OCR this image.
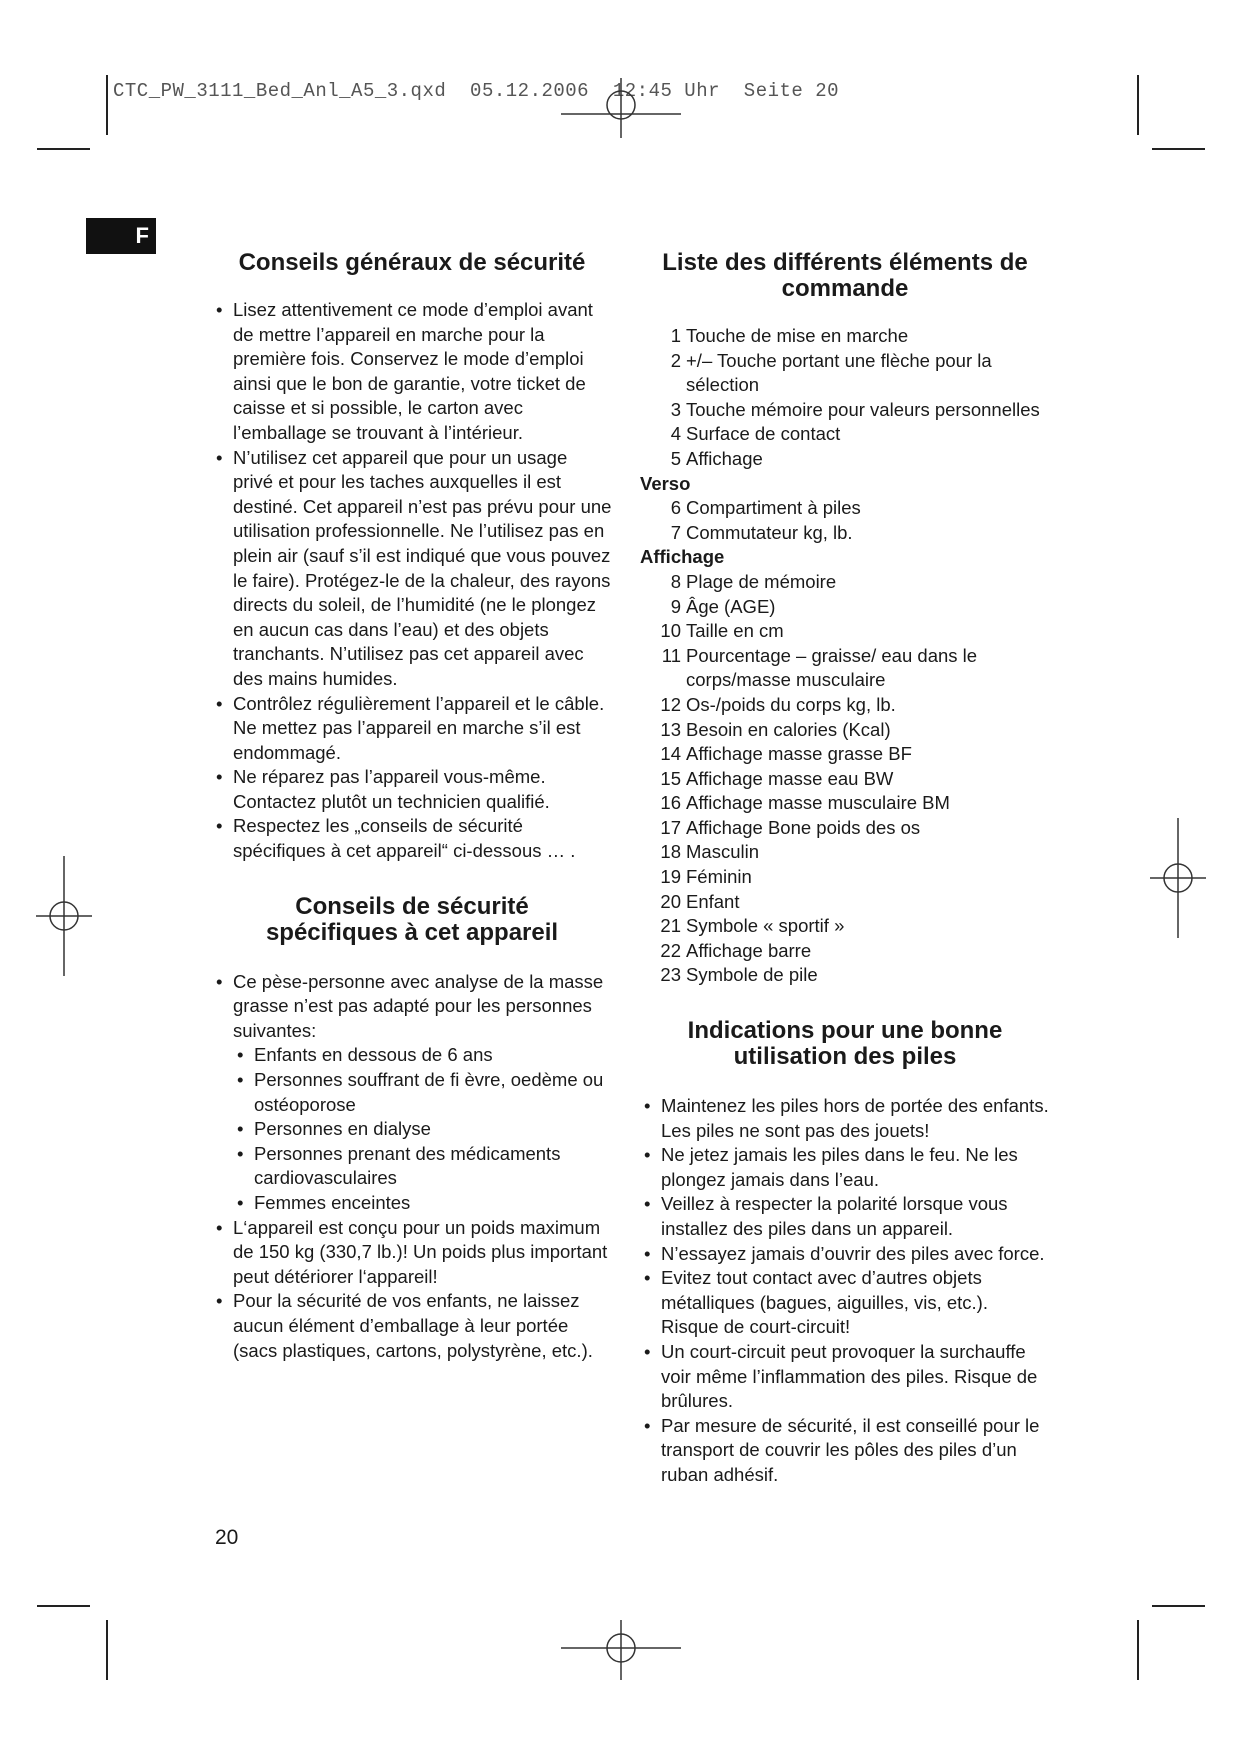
CTC_PW_3111_Bed_Anl_A5_3.qxd  05.12.2006  12:45 Uhr  Seite 20
F
Conseils généraux de sécurité
• Lisez attentivement ce mode d’emploi avant de mettre l’appareil en marche pour la première fois. Conservez le mode d’emploi ainsi que le bon de garantie, votre ticket de caisse et si possible, le carton avec l’emballage se trouvant à l’intérieur.
• N’utilisez cet appareil que pour un usage privé et pour les taches auxquelles il est destiné. Cet appareil n’est pas prévu pour une utilisation professionnelle. Ne l’utilisez pas en plein air (sauf s’il est indiqué que vous pouvez le faire). Protégez-le de la chaleur, des rayons directs du soleil, de l’humidité (ne le plongez en aucun cas dans l’eau) et des objets tranchants. N’utilisez pas cet appareil avec des mains humides.
• Contrôlez régulièrement l’appareil et le câble. Ne mettez pas l’appareil en marche s’il est endommagé.
• Ne réparez pas l’appareil vous-même. Contactez plutôt un technicien qualifié.
• Respectez les „conseils de sécurité spécifiques à cet appareil“ ci-dessous … .
Conseils de sécurité
spécifiques à cet appareil
• Ce pèse-personne avec analyse de la masse grasse n’est pas adapté pour les personnes suivantes:
• Enfants en dessous de 6 ans
• Personnes souffrant de fi èvre, oedème ou ostéoporose
• Personnes en dialyse
• Personnes prenant des médicaments cardiovasculaires
• Femmes enceintes
• L‘appareil est conçu pour un poids maximum de 150 kg (330,7 lb.)! Un poids plus important peut détériorer l‘appareil!
• Pour la sécurité de vos enfants, ne laissez aucun élément d’emballage à leur portée (sacs plastiques, cartons, polystyrène, etc.).
Liste des différents éléments de
commande
1 Touche de mise en marche
2 +/– Touche portant une flèche pour la sélection
3 Touche mémoire pour valeurs personnelles
4 Surface de contact
5 Affichage
Verso
6 Compartiment à piles
7 Commutateur kg, lb.
Affichage
8 Plage de mémoire
9 Âge (AGE)
10 Taille en cm
11 Pourcentage – graisse/ eau dans le corps/masse musculaire
12 Os-/poids du corps kg, lb.
13 Besoin en calories (Kcal)
14 Affichage masse grasse BF
15 Affichage masse eau BW
16 Affichage masse musculaire BM
17 Affichage Bone poids des os
18 Masculin
19 Féminin
20 Enfant
21 Symbole « sportif »
22 Affichage barre
23 Symbole de pile
Indications pour une bonne
utilisation des piles
• Maintenez les piles hors de portée des enfants. Les piles ne sont pas des jouets!
• Ne jetez jamais les piles dans le feu. Ne les plongez jamais dans l’eau.
• Veillez à respecter la polarité lorsque vous installez des piles dans un appareil.
• N’essayez jamais d’ouvrir des piles avec force.
• Evitez tout contact avec d’autres objets métalliques (bagues, aiguilles, vis, etc.). Risque de court-circuit!
• Un court-circuit peut provoquer la surchauffe voir même l’inflammation des piles. Risque de brûlures.
• Par mesure de sécurité, il est conseillé pour le transport de couvrir les pôles des piles d’un ruban adhésif.
20
